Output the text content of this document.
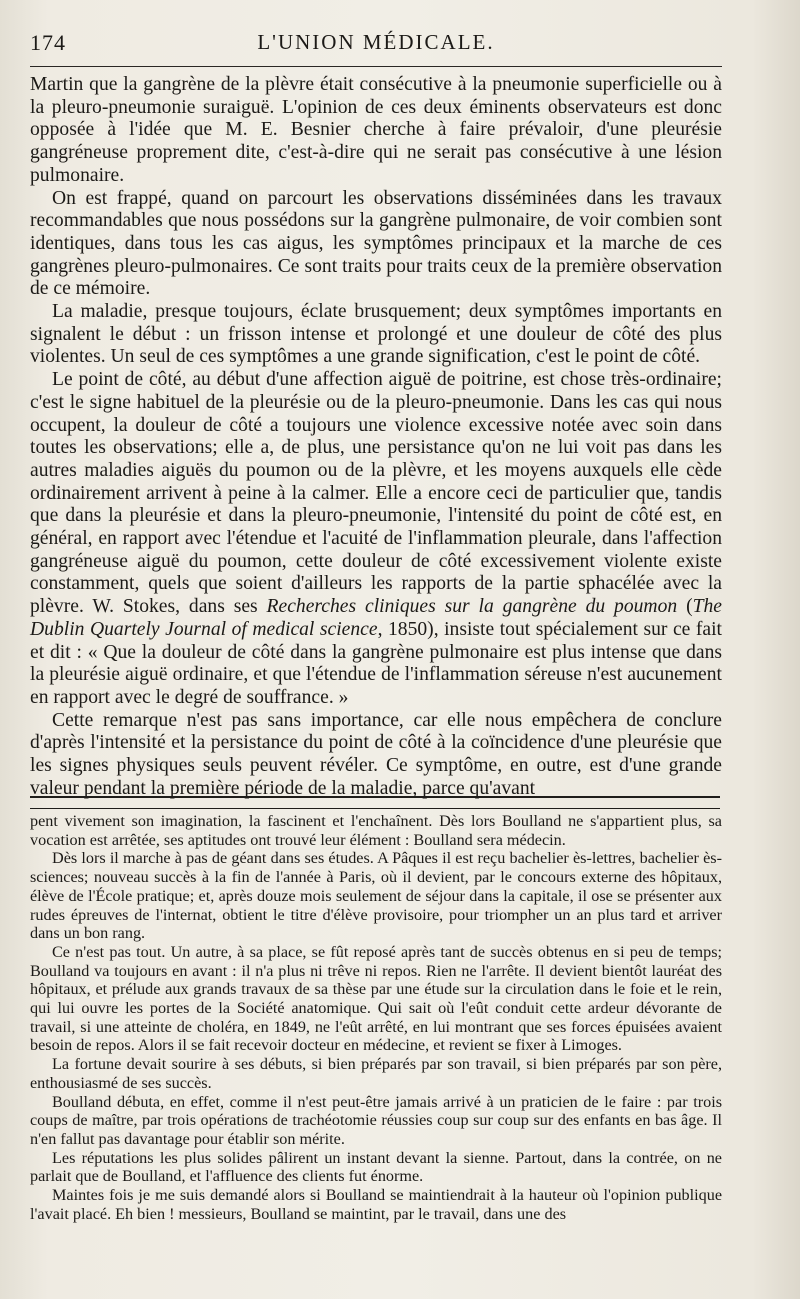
174	L'UNION MÉDICALE.

Martin que la gangrène de la plèvre était consécutive à la pneumonie superficielle ou à la pleuro-pneumonie suraiguë. L'opinion de ces deux éminents observateurs est donc opposée à l'idée que M. E. Besnier cherche à faire prévaloir, d'une pleurésie gangréneuse proprement dite, c'est-à-dire qui ne serait pas consécutive à une lésion pulmonaire.

On est frappé, quand on parcourt les observations disséminées dans les travaux recommandables que nous possédons sur la gangrène pulmonaire, de voir combien sont identiques, dans tous les cas aigus, les symptômes principaux et la marche de ces gangrènes pleuro-pulmonaires. Ce sont traits pour traits ceux de la première observation de ce mémoire.

La maladie, presque toujours, éclate brusquement; deux symptômes importants en signalent le début : un frisson intense et prolongé et une douleur de côté des plus violentes. Un seul de ces symptômes a une grande signification, c'est le point de côté.

Le point de côté, au début d'une affection aiguë de poitrine, est chose très-ordinaire; c'est le signe habituel de la pleurésie ou de la pleuro-pneumonie. Dans les cas qui nous occupent, la douleur de côté a toujours une violence excessive notée avec soin dans toutes les observations; elle a, de plus, une persistance qu'on ne lui voit pas dans les autres maladies aiguës du poumon ou de la plèvre, et les moyens auxquels elle cède ordinairement arrivent à peine à la calmer. Elle a encore ceci de particulier que, tandis que dans la pleurésie et dans la pleuro-pneumonie, l'intensité du point de côté est, en général, en rapport avec l'étendue et l'acuité de l'inflammation pleurale, dans l'affection gangréneuse aiguë du poumon, cette douleur de côté excessivement violente existe constamment, quels que soient d'ailleurs les rapports de la partie sphacélée avec la plèvre. W. Stokes, dans ses Recherches cliniques sur la gangrène du poumon (The Dublin Quartely Journal of medical science, 1850), insiste tout spécialement sur ce fait et dit : « Que la douleur de côté dans la gangrène pulmonaire est plus intense que dans la pleurésie aiguë ordinaire, et que l'étendue de l'inflammation séreuse n'est aucunement en rapport avec le degré de souffrance. »

Cette remarque n'est pas sans importance, car elle nous empêchera de conclure d'après l'intensité et la persistance du point de côté à la coïncidence d'une pleurésie que les signes physiques seuls peuvent révéler. Ce symptôme, en outre, est d'une grande valeur pendant la première période de la maladie, parce qu'avant

pent vivement son imagination, la fascinent et l'enchaînent. Dès lors Boulland ne s'appartient plus, sa vocation est arrêtée, ses aptitudes ont trouvé leur élément : Boulland sera médecin.

Dès lors il marche à pas de géant dans ses études. A Pâques il est reçu bachelier ès-lettres, bachelier ès-sciences; nouveau succès à la fin de l'année à Paris, où il devient, par le concours externe des hôpitaux, élève de l'École pratique; et, après douze mois seulement de séjour dans la capitale, il ose se présenter aux rudes épreuves de l'internat, obtient le titre d'élève provisoire, pour triompher un an plus tard et arriver dans un bon rang.

Ce n'est pas tout. Un autre, à sa place, se fût reposé après tant de succès obtenus en si peu de temps; Boulland va toujours en avant : il n'a plus ni trêve ni repos. Rien ne l'arrête. Il devient bientôt lauréat des hôpitaux, et prélude aux grands travaux de sa thèse par une étude sur la circulation dans le foie et le rein, qui lui ouvre les portes de la Société anatomique. Qui sait où l'eût conduit cette ardeur dévorante de travail, si une atteinte de choléra, en 1849, ne l'eût arrêté, en lui montrant que ses forces épuisées avaient besoin de repos. Alors il se fait recevoir docteur en médecine, et revient se fixer à Limoges.

La fortune devait sourire à ses débuts, si bien préparés par son travail, si bien préparés par son père, enthousiasmé de ses succès.

Boulland débuta, en effet, comme il n'est peut-être jamais arrivé à un praticien de le faire : par trois coups de maître, par trois opérations de trachéotomie réussies coup sur coup sur des enfants en bas âge. Il n'en fallut pas davantage pour établir son mérite.

Les réputations les plus solides pâlirent un instant devant la sienne. Partout, dans la contrée, on ne parlait que de Boulland, et l'affluence des clients fut énorme.

Maintes fois je me suis demandé alors si Boulland se maintiendrait à la hauteur où l'opinion publique l'avait placé. Eh bien ! messieurs, Boulland se maintint, par le travail, dans une des
